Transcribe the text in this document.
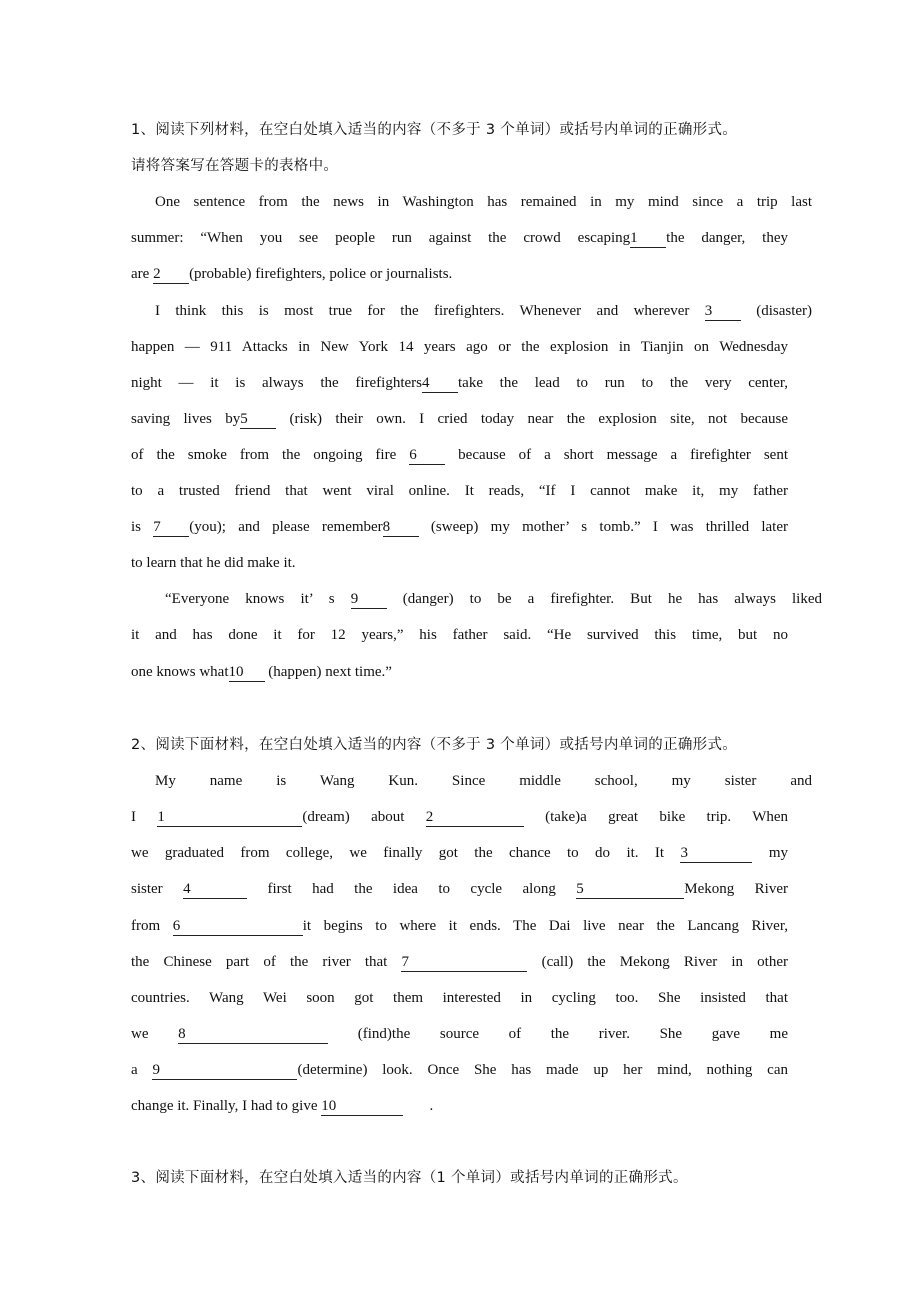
1、阅读下列材料，在空白处填入适当的内容（不多于 3 个单词）或括号内单词的正确形式。
请将答案写在答题卡的表格中。
One sentence from the news in Washington has remained in my mind since a trip last
summer: “When you see people run against the crowd escaping1 the danger, they
are 2 (probable) firefighters, police or journalists.
I think this is most true for the firefighters. Whenever and wherever 3 (disaster)
happen — 911 Attacks in New York 14 years ago or the explosion in Tianjin on Wednesday
night — it is always the firefighters4 take the lead to run to the very center,
saving lives by5 (risk) their own. I cried today near the explosion site, not because
of the smoke from the ongoing fire 6 because of a short message a firefighter sent
to a trusted friend that went viral online. It reads, “If I cannot make it, my father
is 7 (you); and please remember8 (sweep) my mother’ s tomb.” I was thrilled later
to learn that he did make it.
“Everyone knows it’ s 9 (danger) to be a firefighter. But he has always liked
it and has done it for 12 years,” his father said. “He survived this time, but no
one knows what10 (happen) next time.”
2、阅读下面材料，在空白处填入适当的内容（不多于 3 个单词）或括号内单词的正确形式。
My name is Wang Kun. Since middle school, my sister and
I 1	(dream) about 2	(take)a great bike trip. When
we graduated from college, we finally got the chance to do it. It 3	my
sister 4	first had the idea to cycle along 5	Mekong River
from 6	it begins to where it ends. The Dai live near the Lancang River,
the Chinese part of the river that 7	(call) the Mekong River in other
countries. Wang Wei soon got them interested in cycling too. She insisted that
we 8	(find)the source of the river. She gave me
a 9	(determine) look. Once She has made up her mind, nothing can
change it. Finally, I had to give 10	.
3、阅读下面材料，在空白处填入适当的内容（1 个单词）或括号内单词的正确形式。
